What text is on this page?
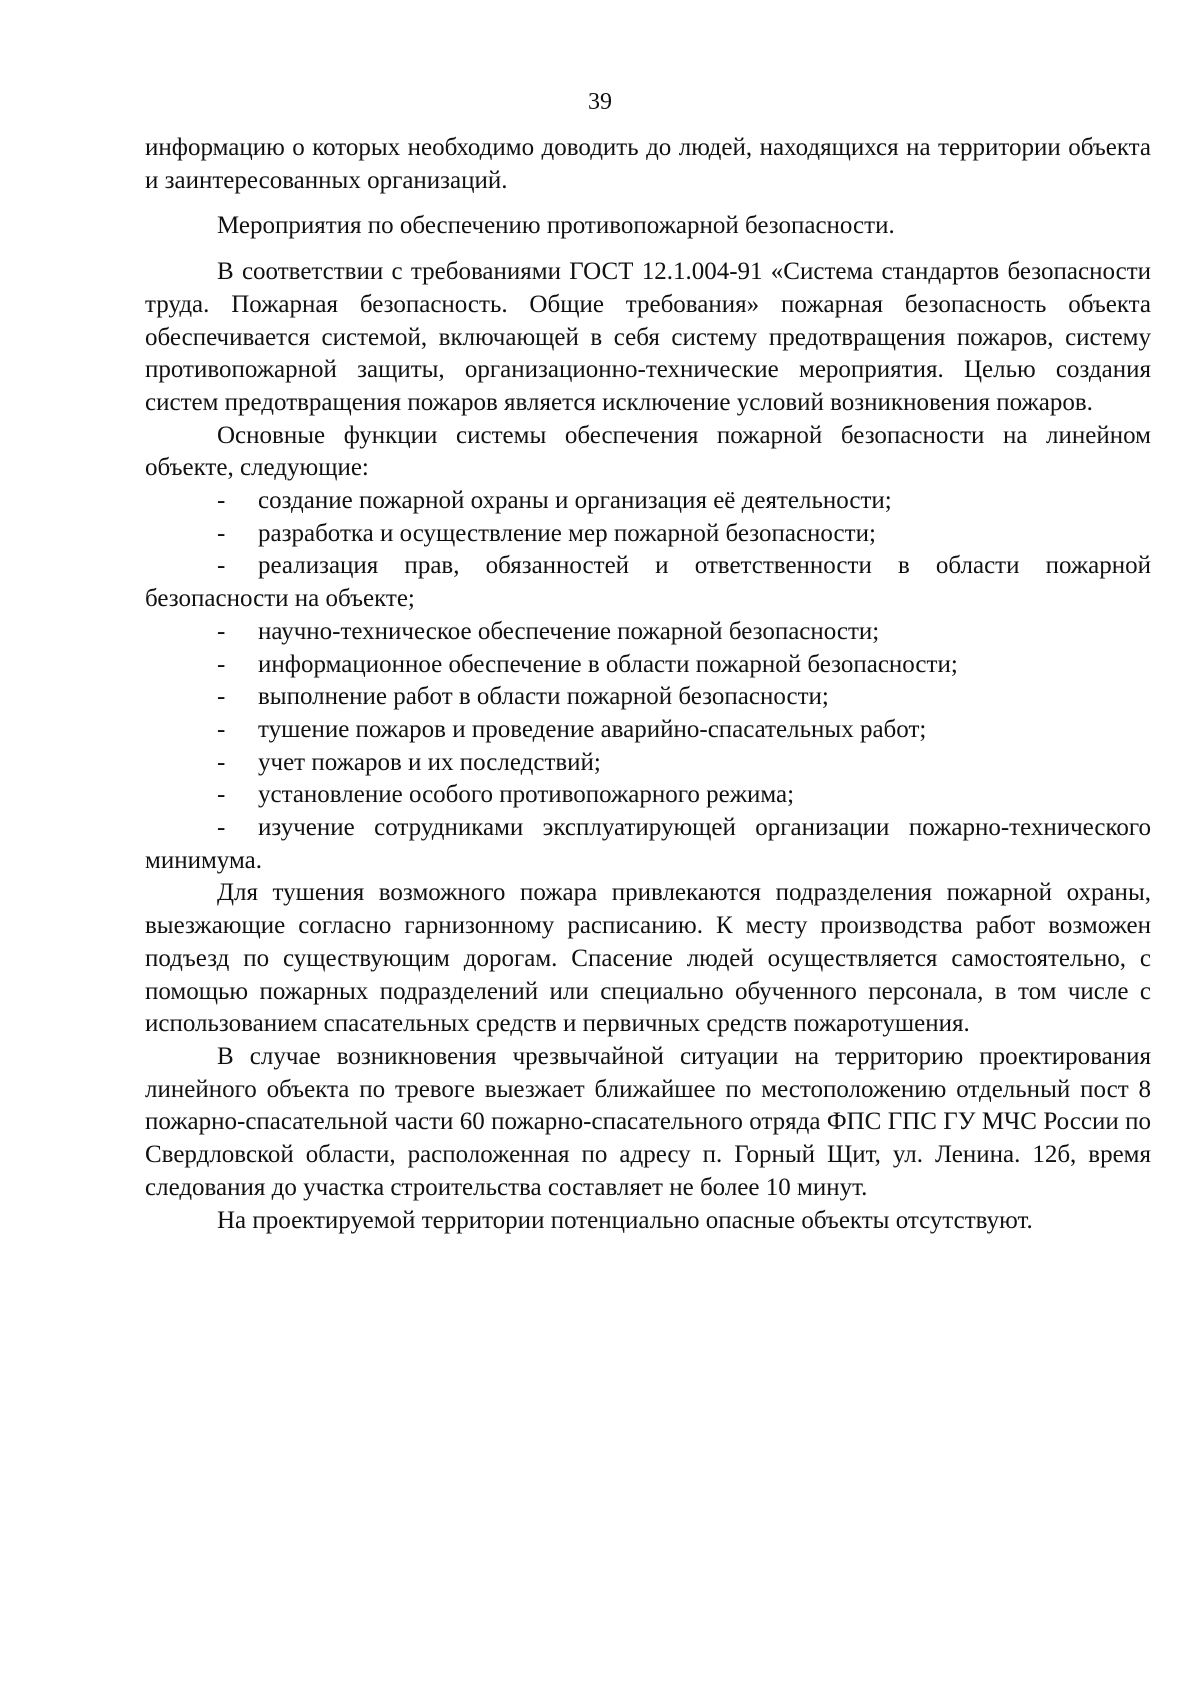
39

информацию о которых необходимо доводить до людей, находящихся на территории объекта и заинтересованных организаций.

Мероприятия по обеспечению противопожарной безопасности.

В соответствии с требованиями ГОСТ 12.1.004-91 «Система стандартов безопасности труда. Пожарная безопасность. Общие требования» пожарная безопасность объекта обеспечивается системой, включающей в себя систему предотвращения пожаров, систему противопожарной защиты, организационно-технические мероприятия. Целью создания систем предотвращения пожаров является исключение условий возникновения пожаров.

Основные функции системы обеспечения пожарной безопасности на линейном объекте, следующие:

- создание пожарной охраны и организация её деятельности;

- разработка и осуществление мер пожарной безопасности;

- реализация прав, обязанностей и ответственности в области пожарной безопасности на объекте;

- научно-техническое обеспечение пожарной безопасности;

- информационное обеспечение в области пожарной безопасности;

- выполнение работ в области пожарной безопасности;

- тушение пожаров и проведение аварийно-спасательных работ;

- учет пожаров и их последствий;

- установление особого противопожарного режима;

- изучение сотрудниками эксплуатирующей организации пожарно-технического минимума.

Для тушения возможного пожара привлекаются подразделения пожарной охраны, выезжающие согласно гарнизонному расписанию. К месту производства работ возможен подъезд по существующим дорогам. Спасение людей осуществляется самостоятельно, с помощью пожарных подразделений или специально обученного персонала, в том числе с использованием спасательных средств и первичных средств пожаротушения.

В случае возникновения чрезвычайной ситуации на территорию проектирования линейного объекта по тревоге выезжает ближайшее по местоположению отдельный пост 8 пожарно-спасательной части 60 пожарно-спасательного отряда ФПС ГПС ГУ МЧС России по Свердловской области, расположенная по адресу п. Горный Щит, ул. Ленина. 12б, время следования до участка строительства составляет не более 10 минут.

На проектируемой территории потенциально опасные объекты отсутствуют.
